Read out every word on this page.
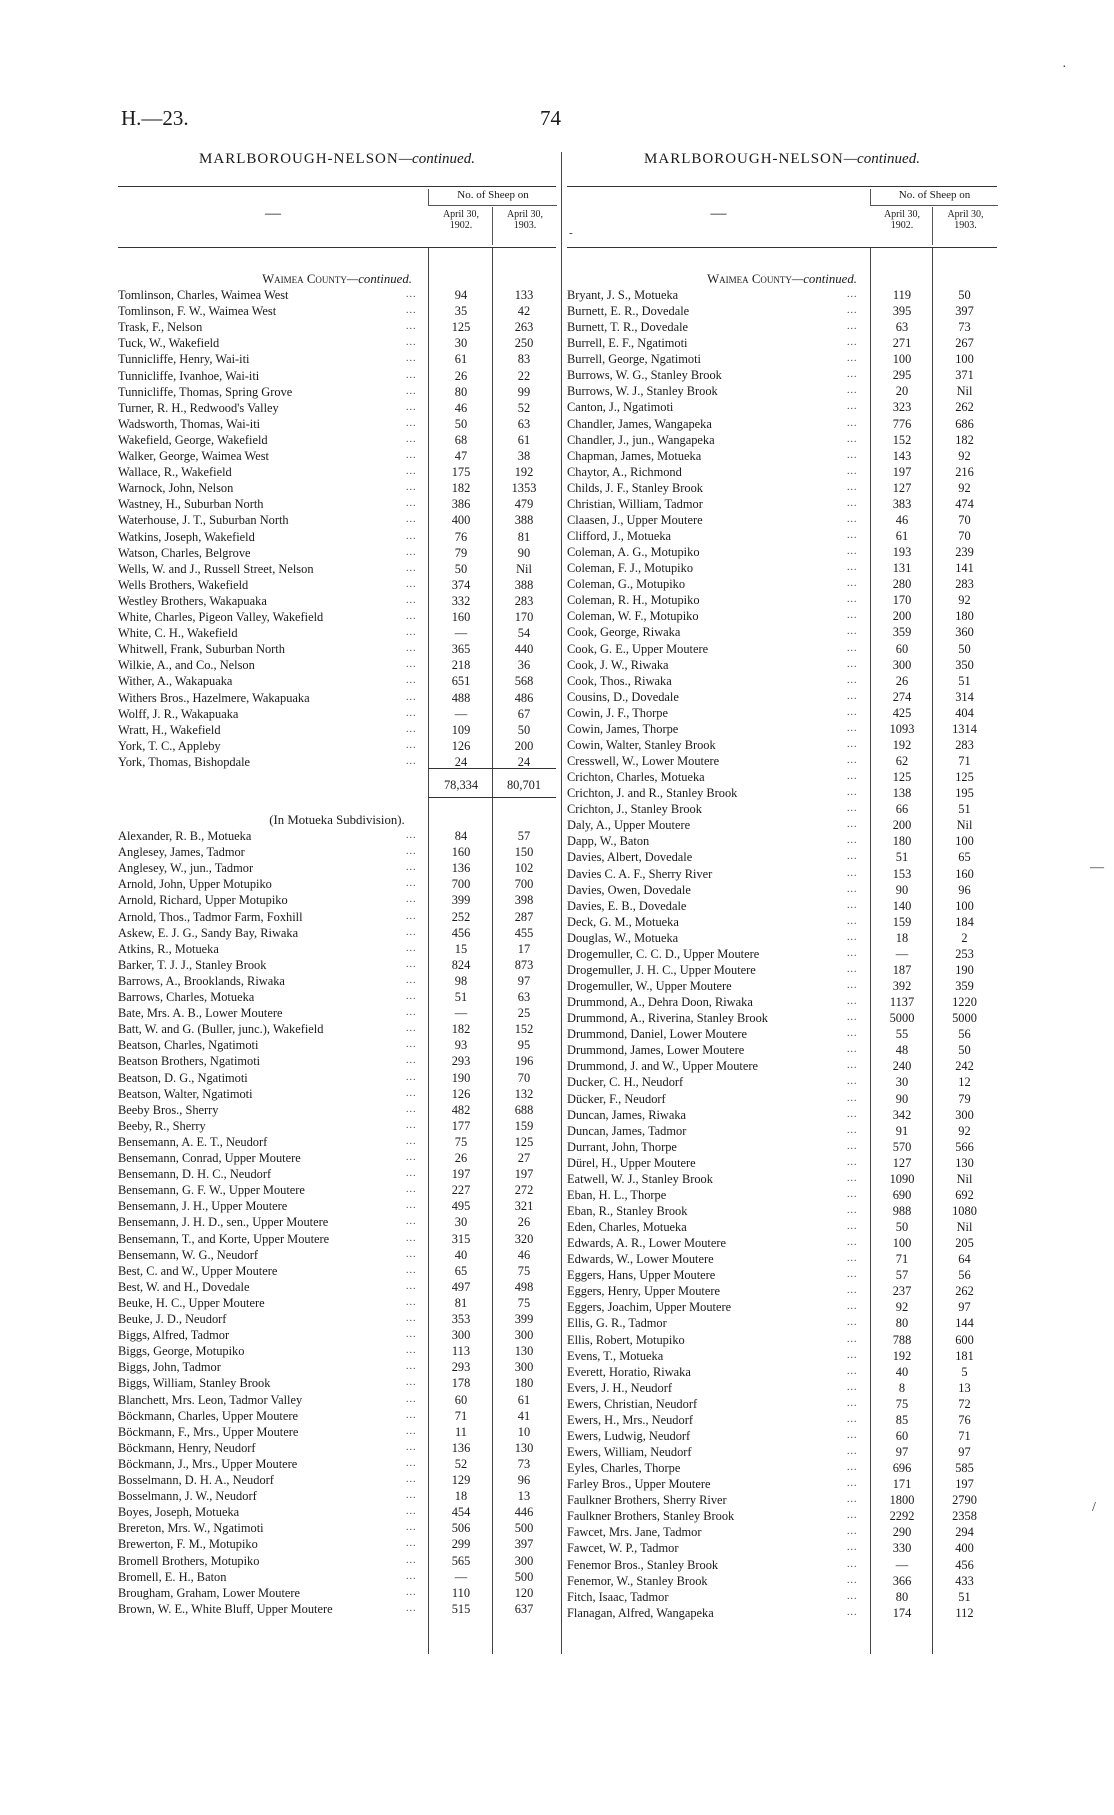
H.—23.	74
·
—
/
MARLBOROUGH-NELSON—continued.
—
No. of Sheep on
April 30,
1902.
April 30,
1903.
Waimea County—continued.
Tomlinson, Charles, Waimea West	...	94	133
Tomlinson, F. W., Waimea West	...	35	42
Trask, F., Nelson	...	125	263
Tuck, W., Wakefield	...	30	250
Tunnicliffe, Henry, Wai-iti	...	61	83
Tunnicliffe, Ivanhoe, Wai-iti	...	26	22
Tunnicliffe, Thomas, Spring Grove	...	80	99
Turner, R. H., Redwood's Valley	...	46	52
Wadsworth, Thomas, Wai-iti	...	50	63
Wakefield, George, Wakefield	...	68	61
Walker, George, Waimea West	...	47	38
Wallace, R., Wakefield	...	175	192
Warnock, John, Nelson	...	182	1353
Wastney, H., Suburban North	...	386	479
Waterhouse, J. T., Suburban North	...	400	388
Watkins, Joseph, Wakefield	...	76	81
Watson, Charles, Belgrove	...	79	90
Wells, W. and J., Russell Street, Nelson	...	50	Nil
Wells Brothers, Wakefield	...	374	388
Westley Brothers, Wakapuaka	...	332	283
White, Charles, Pigeon Valley, Wakefield	...	160	170
White, C. H., Wakefield	...	—	54
Whitwell, Frank, Suburban North	...	365	440
Wilkie, A., and Co., Nelson	...	218	36
Wither, A., Wakapuaka	...	651	568
Withers Bros., Hazelmere, Wakapuaka	...	488	486
Wolff, J. R., Wakapuaka	...	—	67
Wratt, H., Wakefield	...	109	50
York, T. C., Appleby	...	126	200
York, Thomas, Bishopdale	...	24	24
78,334	80,701
(In Motueka Subdivision).
Alexander, R. B., Motueka	...	84	57
Anglesey, James, Tadmor	...	160	150
Anglesey, W., jun., Tadmor	...	136	102
Arnold, John, Upper Motupiko	...	700	700
Arnold, Richard, Upper Motupiko	...	399	398
Arnold, Thos., Tadmor Farm, Foxhill	...	252	287
Askew, E. J. G., Sandy Bay, Riwaka	...	456	455
Atkins, R., Motueka	...	15	17
Barker, T. J. J., Stanley Brook	...	824	873
Barrows, A., Brooklands, Riwaka	...	98	97
Barrows, Charles, Motueka	...	51	63
Bate, Mrs. A. B., Lower Moutere	...	—	25
Batt, W. and G. (Buller, junc.), Wakefield	...	182	152
Beatson, Charles, Ngatimoti	...	93	95
Beatson Brothers, Ngatimoti	...	293	196
Beatson, D. G., Ngatimoti	...	190	70
Beatson, Walter, Ngatimoti	...	126	132
Beeby Bros., Sherry	...	482	688
Beeby, R., Sherry	...	177	159
Bensemann, A. E. T., Neudorf	...	75	125
Bensemann, Conrad, Upper Moutere	...	26	27
Bensemann, D. H. C., Neudorf	...	197	197
Bensemann, G. F. W., Upper Moutere	...	227	272
Bensemann, J. H., Upper Moutere	...	495	321
Bensemann, J. H. D., sen., Upper Moutere	...	30	26
Bensemann, T., and Korte, Upper Moutere	...	315	320
Bensemann, W. G., Neudorf	...	40	46
Best, C. and W., Upper Moutere	...	65	75
Best, W. and H., Dovedale	...	497	498
Beuke, H. C., Upper Moutere	...	81	75
Beuke, J. D., Neudorf	...	353	399
Biggs, Alfred, Tadmor	...	300	300
Biggs, George, Motupiko	...	113	130
Biggs, John, Tadmor	...	293	300
Biggs, William, Stanley Brook	...	178	180
Blanchett, Mrs. Leon, Tadmor Valley	...	60	61
Böckmann, Charles, Upper Moutere	...	71	41
Böckmann, F., Mrs., Upper Moutere	...	11	10
Böckmann, Henry, Neudorf	...	136	130
Böckmann, J., Mrs., Upper Moutere	...	52	73
Bosselmann, D. H. A., Neudorf	...	129	96
Bosselmann, J. W., Neudorf	...	18	13
Boyes, Joseph, Motueka	...	454	446
Brereton, Mrs. W., Ngatimoti	...	506	500
Brewerton, F. M., Motupiko	...	299	397
Bromell Brothers, Motupiko	...	565	300
Bromell, E. H., Baton	...	—	500
Brougham, Graham, Lower Moutere	...	110	120
Brown, W. E., White Bluff, Upper Moutere	...	515	637
MARLBOROUGH-NELSON—continued.
—
-
No. of Sheep on
April 30,
1902.
April 30,
1903.
Waimea County—continued.
Bryant, J. S., Motueka	...	119	50
Burnett, E. R., Dovedale	...	395	397
Burnett, T. R., Dovedale	...	63	73
Burrell, E. F., Ngatimoti	...	271	267
Burrell, George, Ngatimoti	...	100	100
Burrows, W. G., Stanley Brook	...	295	371
Burrows, W. J., Stanley Brook	...	20	Nil
Canton, J., Ngatimoti	...	323	262
Chandler, James, Wangapeka	...	776	686
Chandler, J., jun., Wangapeka	...	152	182
Chapman, James, Motueka	...	143	92
Chaytor, A., Richmond	...	197	216
Childs, J. F., Stanley Brook	...	127	92
Christian, William, Tadmor	...	383	474
Claasen, J., Upper Moutere	...	46	70
Clifford, J., Motueka	...	61	70
Coleman, A. G., Motupiko	...	193	239
Coleman, F. J., Motupiko	...	131	141
Coleman, G., Motupiko	...	280	283
Coleman, R. H., Motupiko	...	170	92
Coleman, W. F., Motupiko	...	200	180
Cook, George, Riwaka	...	359	360
Cook, G. E., Upper Moutere	...	60	50
Cook, J. W., Riwaka	...	300	350
Cook, Thos., Riwaka	...	26	51
Cousins, D., Dovedale	...	274	314
Cowin, J. F., Thorpe	...	425	404
Cowin, James, Thorpe	...	1093	1314
Cowin, Walter, Stanley Brook	...	192	283
Cresswell, W., Lower Moutere	...	62	71
Crichton, Charles, Motueka	...	125	125
Crichton, J. and R., Stanley Brook	...	138	195
Crichton, J., Stanley Brook	...	66	51
Daly, A., Upper Moutere	...	200	Nil
Dapp, W., Baton	...	180	100
Davies, Albert, Dovedale	...	51	65
Davies C. A. F., Sherry River	...	153	160
Davies, Owen, Dovedale	...	90	96
Davies, E. B., Dovedale	...	140	100
Deck, G. M., Motueka	...	159	184
Douglas, W., Motueka	...	18	2
Drogemuller, C. C. D., Upper Moutere	...	—	253
Drogemuller, J. H. C., Upper Moutere	...	187	190
Drogemuller, W., Upper Moutere	...	392	359
Drummond, A., Dehra Doon, Riwaka	...	1137	1220
Drummond, A., Riverina, Stanley Brook	...	5000	5000
Drummond, Daniel, Lower Moutere	...	55	56
Drummond, James, Lower Moutere	...	48	50
Drummond, J. and W., Upper Moutere	...	240	242
Ducker, C. H., Neudorf	...	30	12
Dücker, F., Neudorf	...	90	79
Duncan, James, Riwaka	...	342	300
Duncan, James, Tadmor	...	91	92
Durrant, John, Thorpe	...	570	566
Dürel, H., Upper Moutere	...	127	130
Eatwell, W. J., Stanley Brook	...	1090	Nil
Eban, H. L., Thorpe	...	690	692
Eban, R., Stanley Brook	...	988	1080
Eden, Charles, Motueka	...	50	Nil
Edwards, A. R., Lower Moutere	...	100	205
Edwards, W., Lower Moutere	...	71	64
Eggers, Hans, Upper Moutere	...	57	56
Eggers, Henry, Upper Moutere	...	237	262
Eggers, Joachim, Upper Moutere	...	92	97
Ellis, G. R., Tadmor	...	80	144
Ellis, Robert, Motupiko	...	788	600
Evens, T., Motueka	...	192	181
Everett, Horatio, Riwaka	...	40	5
Evers, J. H., Neudorf	...	8	13
Ewers, Christian, Neudorf	...	75	72
Ewers, H., Mrs., Neudorf	...	85	76
Ewers, Ludwig, Neudorf	...	60	71
Ewers, William, Neudorf	...	97	97
Eyles, Charles, Thorpe	...	696	585
Farley Bros., Upper Moutere	...	171	197
Faulkner Brothers, Sherry River	...	1800	2790
Faulkner Brothers, Stanley Brook	...	2292	2358
Fawcet, Mrs. Jane, Tadmor	...	290	294
Fawcet, W. P., Tadmor	...	330	400
Fenemor Bros., Stanley Brook	...	—	456
Fenemor, W., Stanley Brook	...	366	433
Fitch, Isaac, Tadmor	...	80	51
Flanagan, Alfred, Wangapeka	...	174	112
